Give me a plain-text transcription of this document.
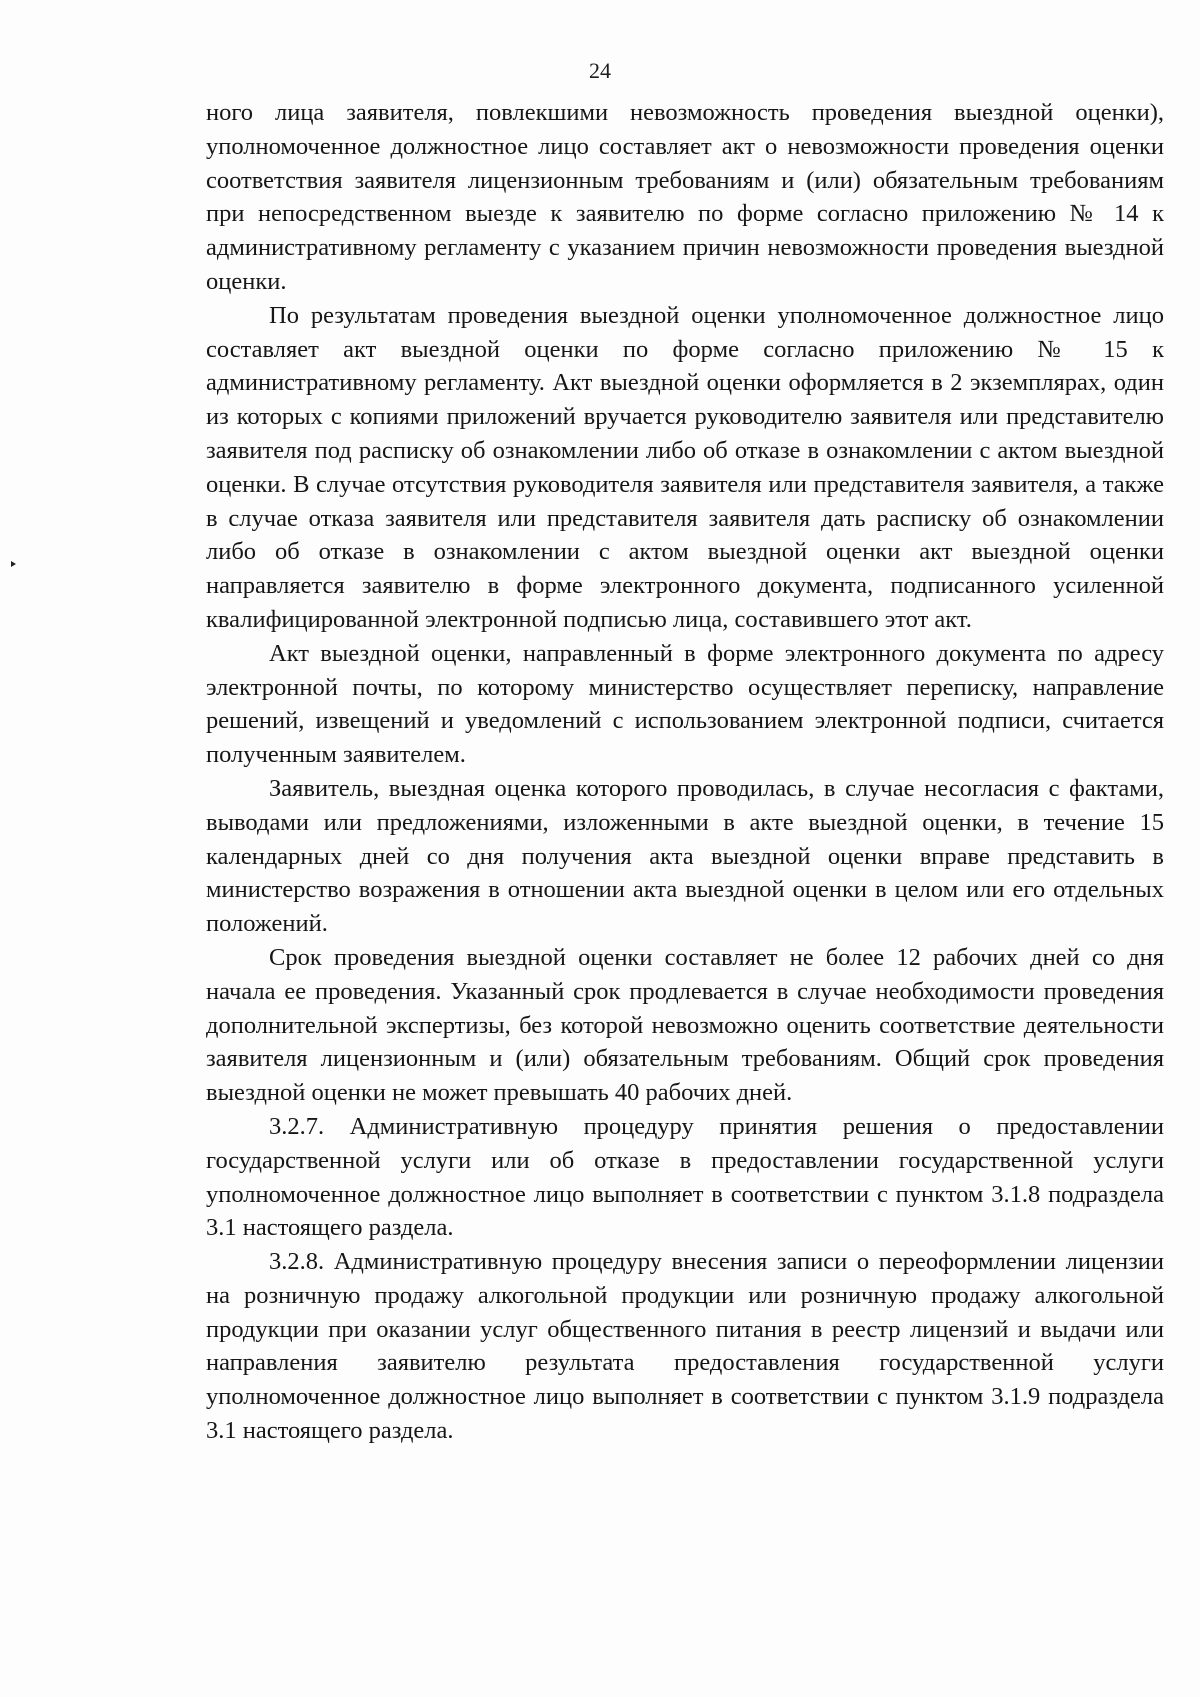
24

ного лица заявителя, повлекшими невозможность проведения выездной оценки), уполномоченное должностное лицо составляет акт о невозможности проведения оценки соответствия заявителя лицензионным требованиям и (или) обязательным требованиям при непосредственном выезде к заявителю по форме согласно приложению № 14 к административному регламенту с указанием причин невозможности проведения выездной оценки.

По результатам проведения выездной оценки уполномоченное должностное лицо составляет акт выездной оценки по форме согласно приложению № 15 к административному регламенту. Акт выездной оценки оформляется в 2 экземплярах, один из которых с копиями приложений вручается руководителю заявителя или представителю заявителя под расписку об ознакомлении либо об отказе в ознакомлении с актом выездной оценки. В случае отсутствия руководителя заявителя или представителя заявителя, а также в случае отказа заявителя или представителя заявителя дать расписку об ознакомлении либо об отказе в ознакомлении с актом выездной оценки акт выездной оценки направляется заявителю в форме электронного документа, подписанного усиленной квалифицированной электронной подписью лица, составившего этот акт.

Акт выездной оценки, направленный в форме электронного документа по адресу электронной почты, по которому министерство осуществляет переписку, направление решений, извещений и уведомлений с использованием электронной подписи, считается полученным заявителем.

Заявитель, выездная оценка которого проводилась, в случае несогласия с фактами, выводами или предложениями, изложенными в акте выездной оценки, в течение 15 календарных дней со дня получения акта выездной оценки вправе представить в министерство возражения в отношении акта выездной оценки в целом или его отдельных положений.

Срок проведения выездной оценки составляет не более 12 рабочих дней со дня начала ее проведения. Указанный срок продлевается в случае необходимости проведения дополнительной экспертизы, без которой невозможно оценить соответствие деятельности заявителя лицензионным и (или) обязательным требованиям. Общий срок проведения выездной оценки не может превышать 40 рабочих дней.

3.2.7. Административную процедуру принятия решения о предоставлении государственной услуги или об отказе в предоставлении государственной услуги уполномоченное должностное лицо выполняет в соответствии с пунктом 3.1.8 подраздела 3.1 настоящего раздела.

3.2.8. Административную процедуру внесения записи о переоформлении лицензии на розничную продажу алкогольной продукции или розничную продажу алкогольной продукции при оказании услуг общественного питания в реестр лицензий и выдачи или направления заявителю результата предоставления государственной услуги уполномоченное должностное лицо выполняет в соответствии с пунктом 3.1.9 подраздела 3.1 настоящего раздела.
